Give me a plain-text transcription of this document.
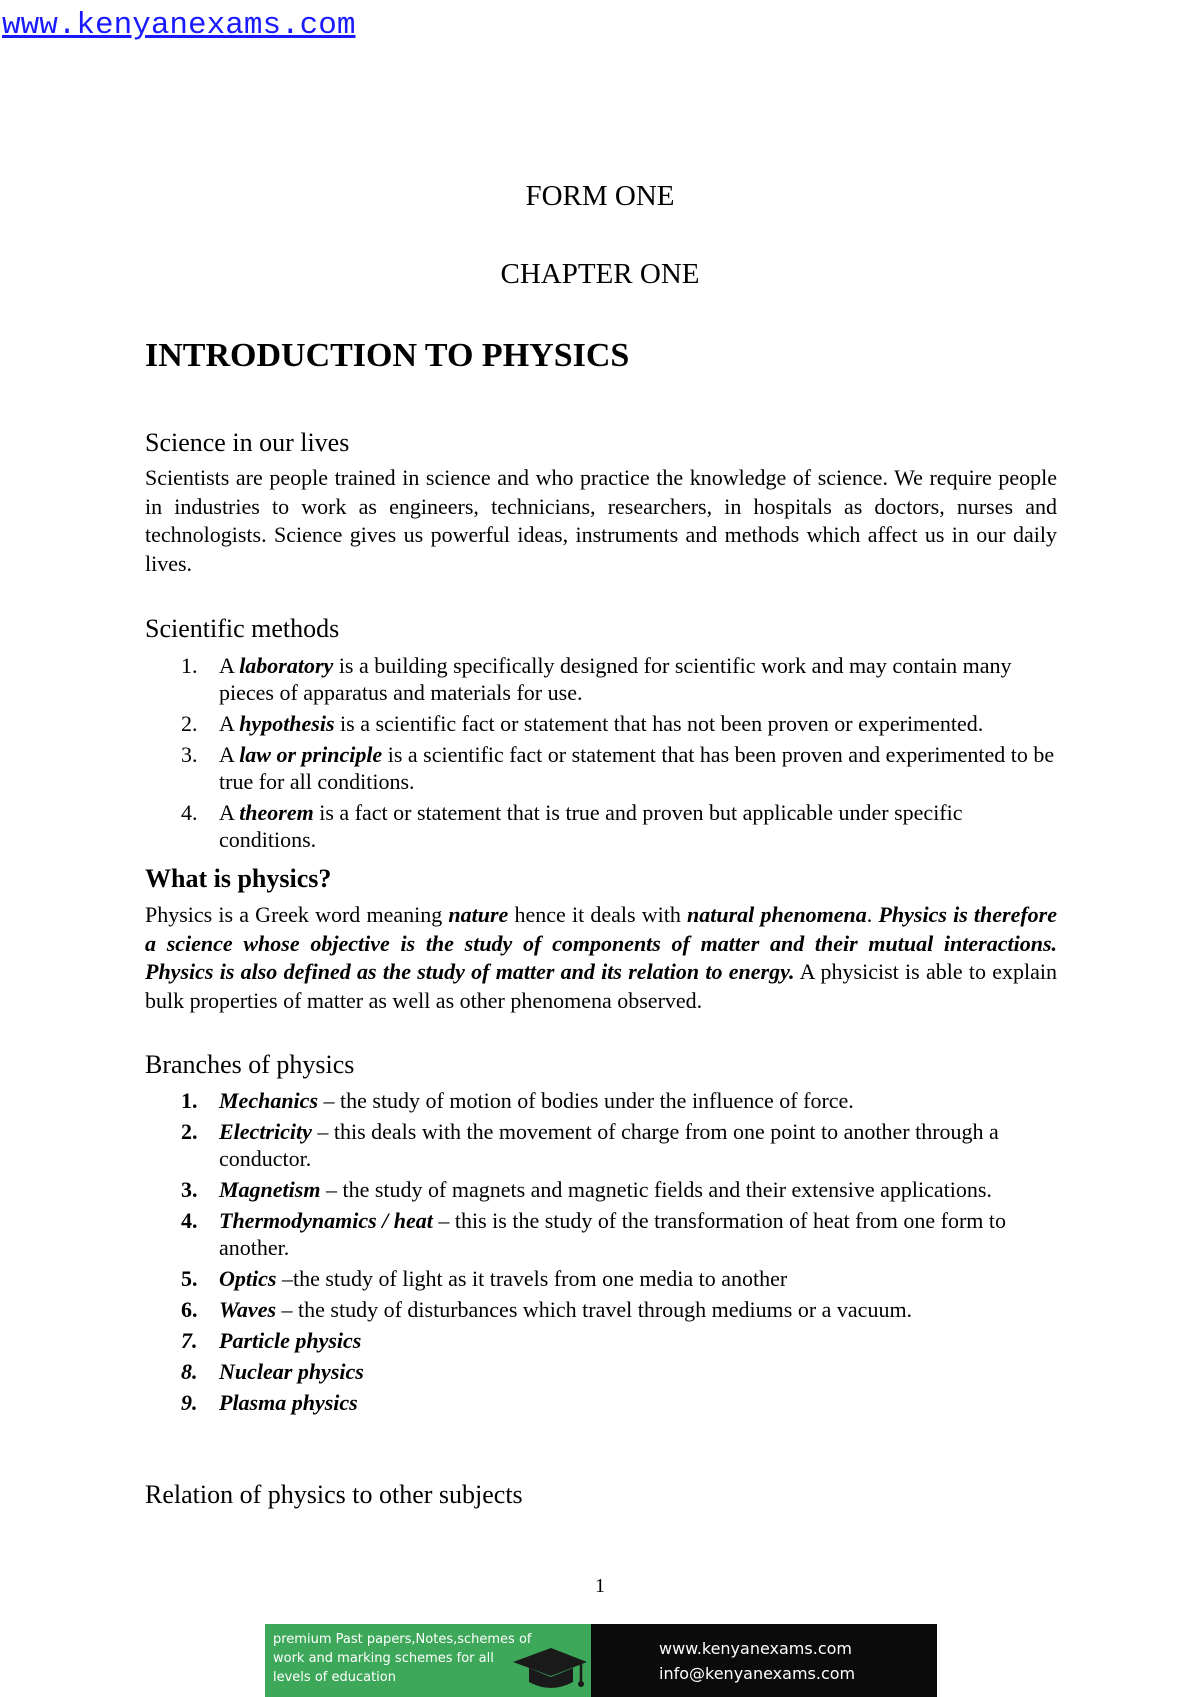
www.kenyanexams.com
FORM ONE
CHAPTER ONE
INTRODUCTION TO PHYSICS
Science in our lives

Scientists are people trained in science and who practice the knowledge of science. We require people in industries to work as engineers, technicians, researchers, in hospitals as doctors, nurses and technologists. Science gives us powerful ideas, instruments and methods which affect us in our daily lives.

Scientific methods
1. A laboratory is a building specifically designed for scientific work and may contain many pieces of apparatus and materials for use.
2. A hypothesis is a scientific fact or statement that has not been proven or experimented.
3. A law or principle is a scientific fact or statement that has been proven and experimented to be true for all conditions.
4. A theorem is a fact or statement that is true and proven but applicable under specific conditions.
What is physics?

Physics is a Greek word meaning nature hence it deals with natural phenomena. Physics is therefore a science whose objective is the study of components of matter and their mutual interactions. Physics is also defined as the study of matter and its relation to energy. A physicist is able to explain bulk properties of matter as well as other phenomena observed.

Branches of physics
1. Mechanics – the study of motion of bodies under the influence of force.
2. Electricity – this deals with the movement of charge from one point to another through a conductor.
3. Magnetism – the study of magnets and magnetic fields and their extensive applications.
4. Thermodynamics / heat – this is the study of the transformation of heat from one form to another.
5. Optics –the study of light as it travels from one media to another
6. Waves – the study of disturbances which travel through mediums or a vacuum.
7. Particle physics
8. Nuclear physics
9. Plasma physics
Relation of physics to other subjects
1
premium Past papers,Notes,schemes of
work and marking schemes for all
levels of education
www.kenyanexams.com
info@kenyanexams.com
